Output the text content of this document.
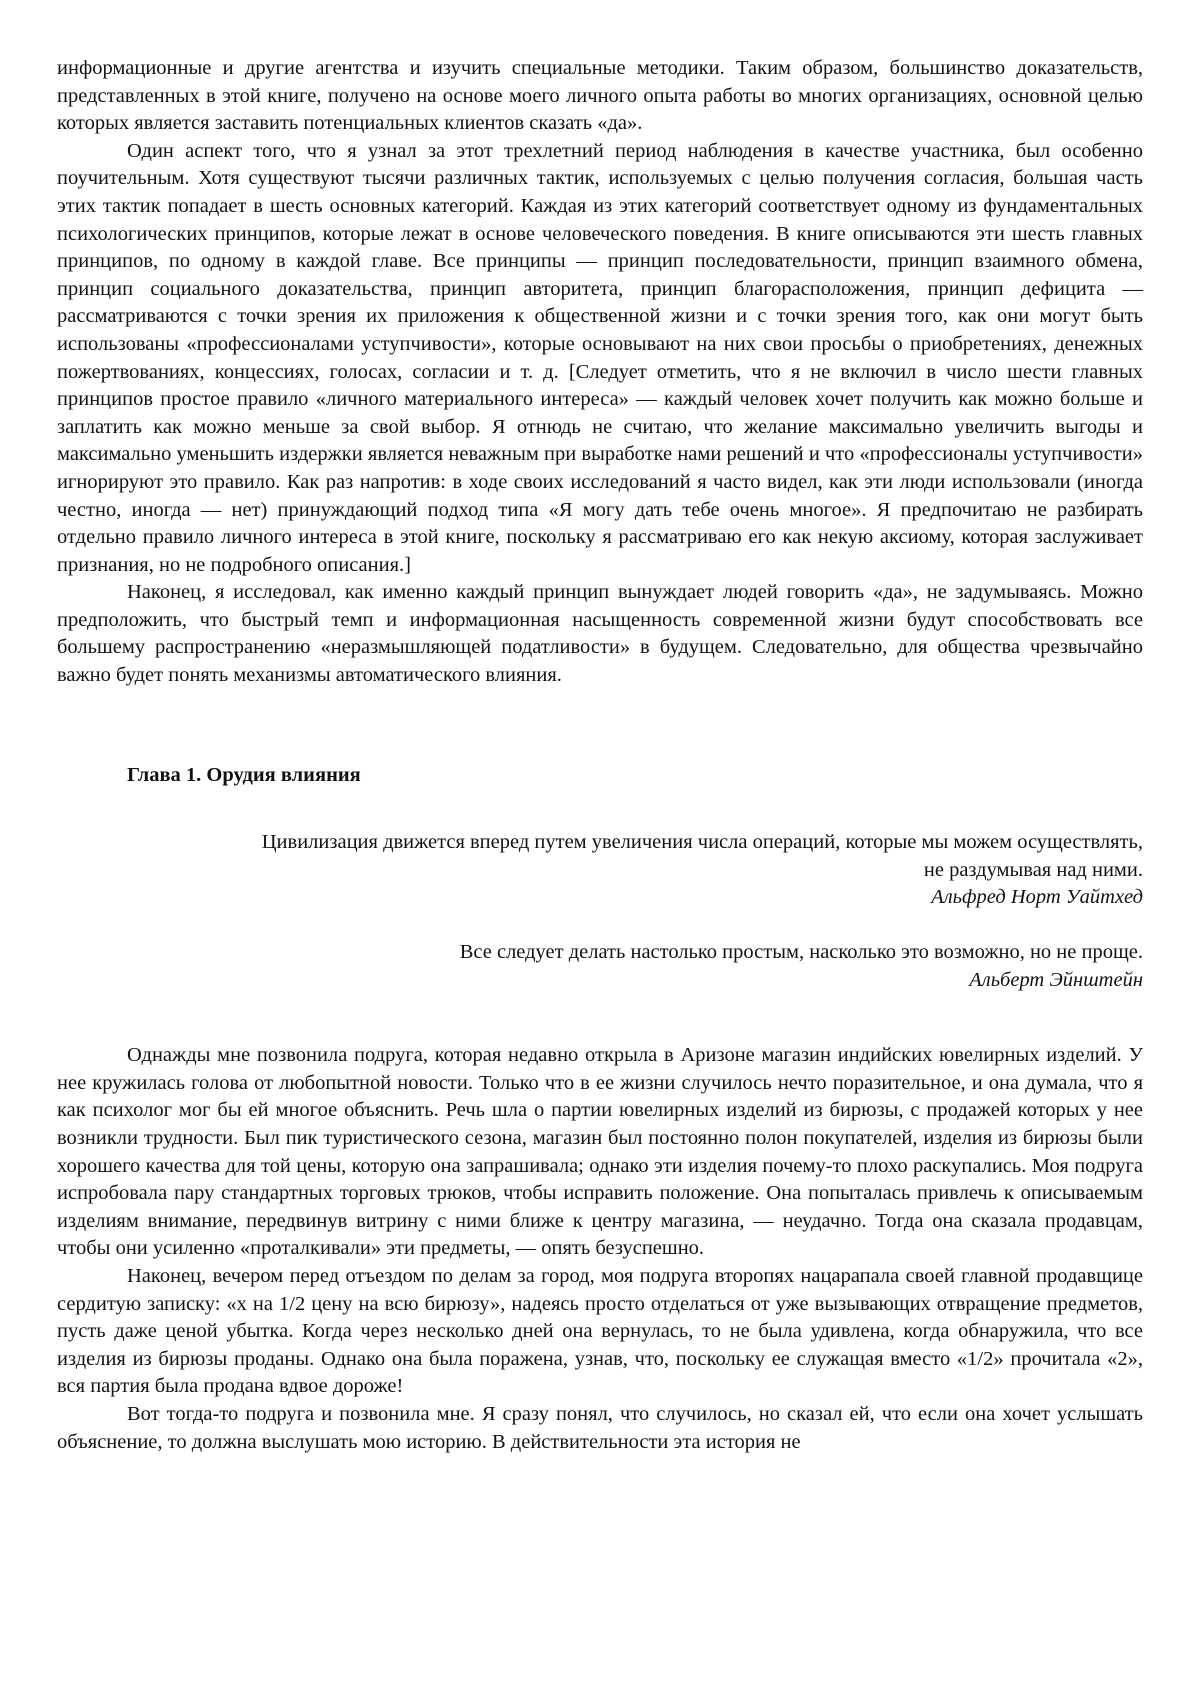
информационные и другие агентства и изучить специальные методики. Таким образом, большинство доказательств, представленных в этой книге, получено на основе моего личного опыта работы во многих организациях, основной целью которых является заставить потенциальных клиентов сказать «да».

Один аспект того, что я узнал за этот трехлетний период наблюдения в качестве участника, был особенно поучительным. Хотя существуют тысячи различных тактик, используемых с целью получения согласия, большая часть этих тактик попадает в шесть основных категорий. Каждая из этих категорий соответствует одному из фундаментальных психологических принципов, которые лежат в основе человеческого поведения. В книге описываются эти шесть главных принципов, по одному в каждой главе. Все принципы — принцип последовательности, принцип взаимного обмена, принцип социального доказательства, принцип авторитета, принцип благорасположения, принцип дефицита — рассматриваются с точки зрения их приложения к общественной жизни и с точки зрения того, как они могут быть использованы «профессионалами уступчивости», которые основывают на них свои просьбы о приобретениях, денежных пожертвованиях, концессиях, голосах, согласии и т. д. [Следует отметить, что я не включил в число шести главных принципов простое правило «личного материального интереса» — каждый человек хочет получить как можно больше и заплатить как можно меньше за свой выбор. Я отнюдь не считаю, что желание максимально увеличить выгоды и максимально уменьшить издержки является неважным при выработке нами решений и что «профессионалы уступчивости» игнорируют это правило. Как раз напротив: в ходе своих исследований я часто видел, как эти люди использовали (иногда честно, иногда — нет) принуждающий подход типа «Я могу дать тебе очень многое». Я предпочитаю не разбирать отдельно правило личного интереса в этой книге, поскольку я рассматриваю его как некую аксиому, которая заслуживает признания, но не подробного описания.]

Наконец, я исследовал, как именно каждый принцип вынуждает людей говорить «да», не задумываясь. Можно предположить, что быстрый темп и информационная насыщенность современной жизни будут способствовать все большему распространению «неразмышляющей податливости» в будущем. Следовательно, для общества чрезвычайно важно будет понять механизмы автоматического влияния.

Глава 1. Орудия влияния
Цивилизация движется вперед путем увеличения числа операций, которые мы можем осуществлять, не раздумывая над ними.
Альфред Норт Уайтхед
Все следует делать настолько простым, насколько это возможно, но не проще.
Альберт Эйнштейн

Однажды мне позвонила подруга, которая недавно открыла в Аризоне магазин индийских ювелирных изделий. У нее кружилась голова от любопытной новости. Только что в ее жизни случилось нечто поразительное, и она думала, что я как психолог мог бы ей многое объяснить. Речь шла о партии ювелирных изделий из бирюзы, с продажей которых у нее возникли трудности. Был пик туристического сезона, магазин был постоянно полон покупателей, изделия из бирюзы были хорошего качества для той цены, которую она запрашивала; однако эти изделия почему-то плохо раскупались. Моя подруга испробовала пару стандартных торговых трюков, чтобы исправить положение. Она попыталась привлечь к описываемым изделиям внимание, передвинув витрину с ними ближе к центру магазина, — неудачно. Тогда она сказала продавцам, чтобы они усиленно «проталкивали» эти предметы, — опять безуспешно.

Наконец, вечером перед отъездом по делам за город, моя подруга второпях нацарапала своей главной продавщице сердитую записку: «x на 1/2 цену на всю бирюзу», надеясь просто отделаться от уже вызывающих отвращение предметов, пусть даже ценой убытка. Когда через несколько дней она вернулась, то не была удивлена, когда обнаружила, что все изделия из бирюзы проданы. Однако она была поражена, узнав, что, поскольку ее служащая вместо «1/2» прочитала «2», вся партия была продана вдвое дороже!

Вот тогда-то подруга и позвонила мне. Я сразу понял, что случилось, но сказал ей, что если она хочет услышать объяснение, то должна выслушать мою историю. В действительности эта история не
